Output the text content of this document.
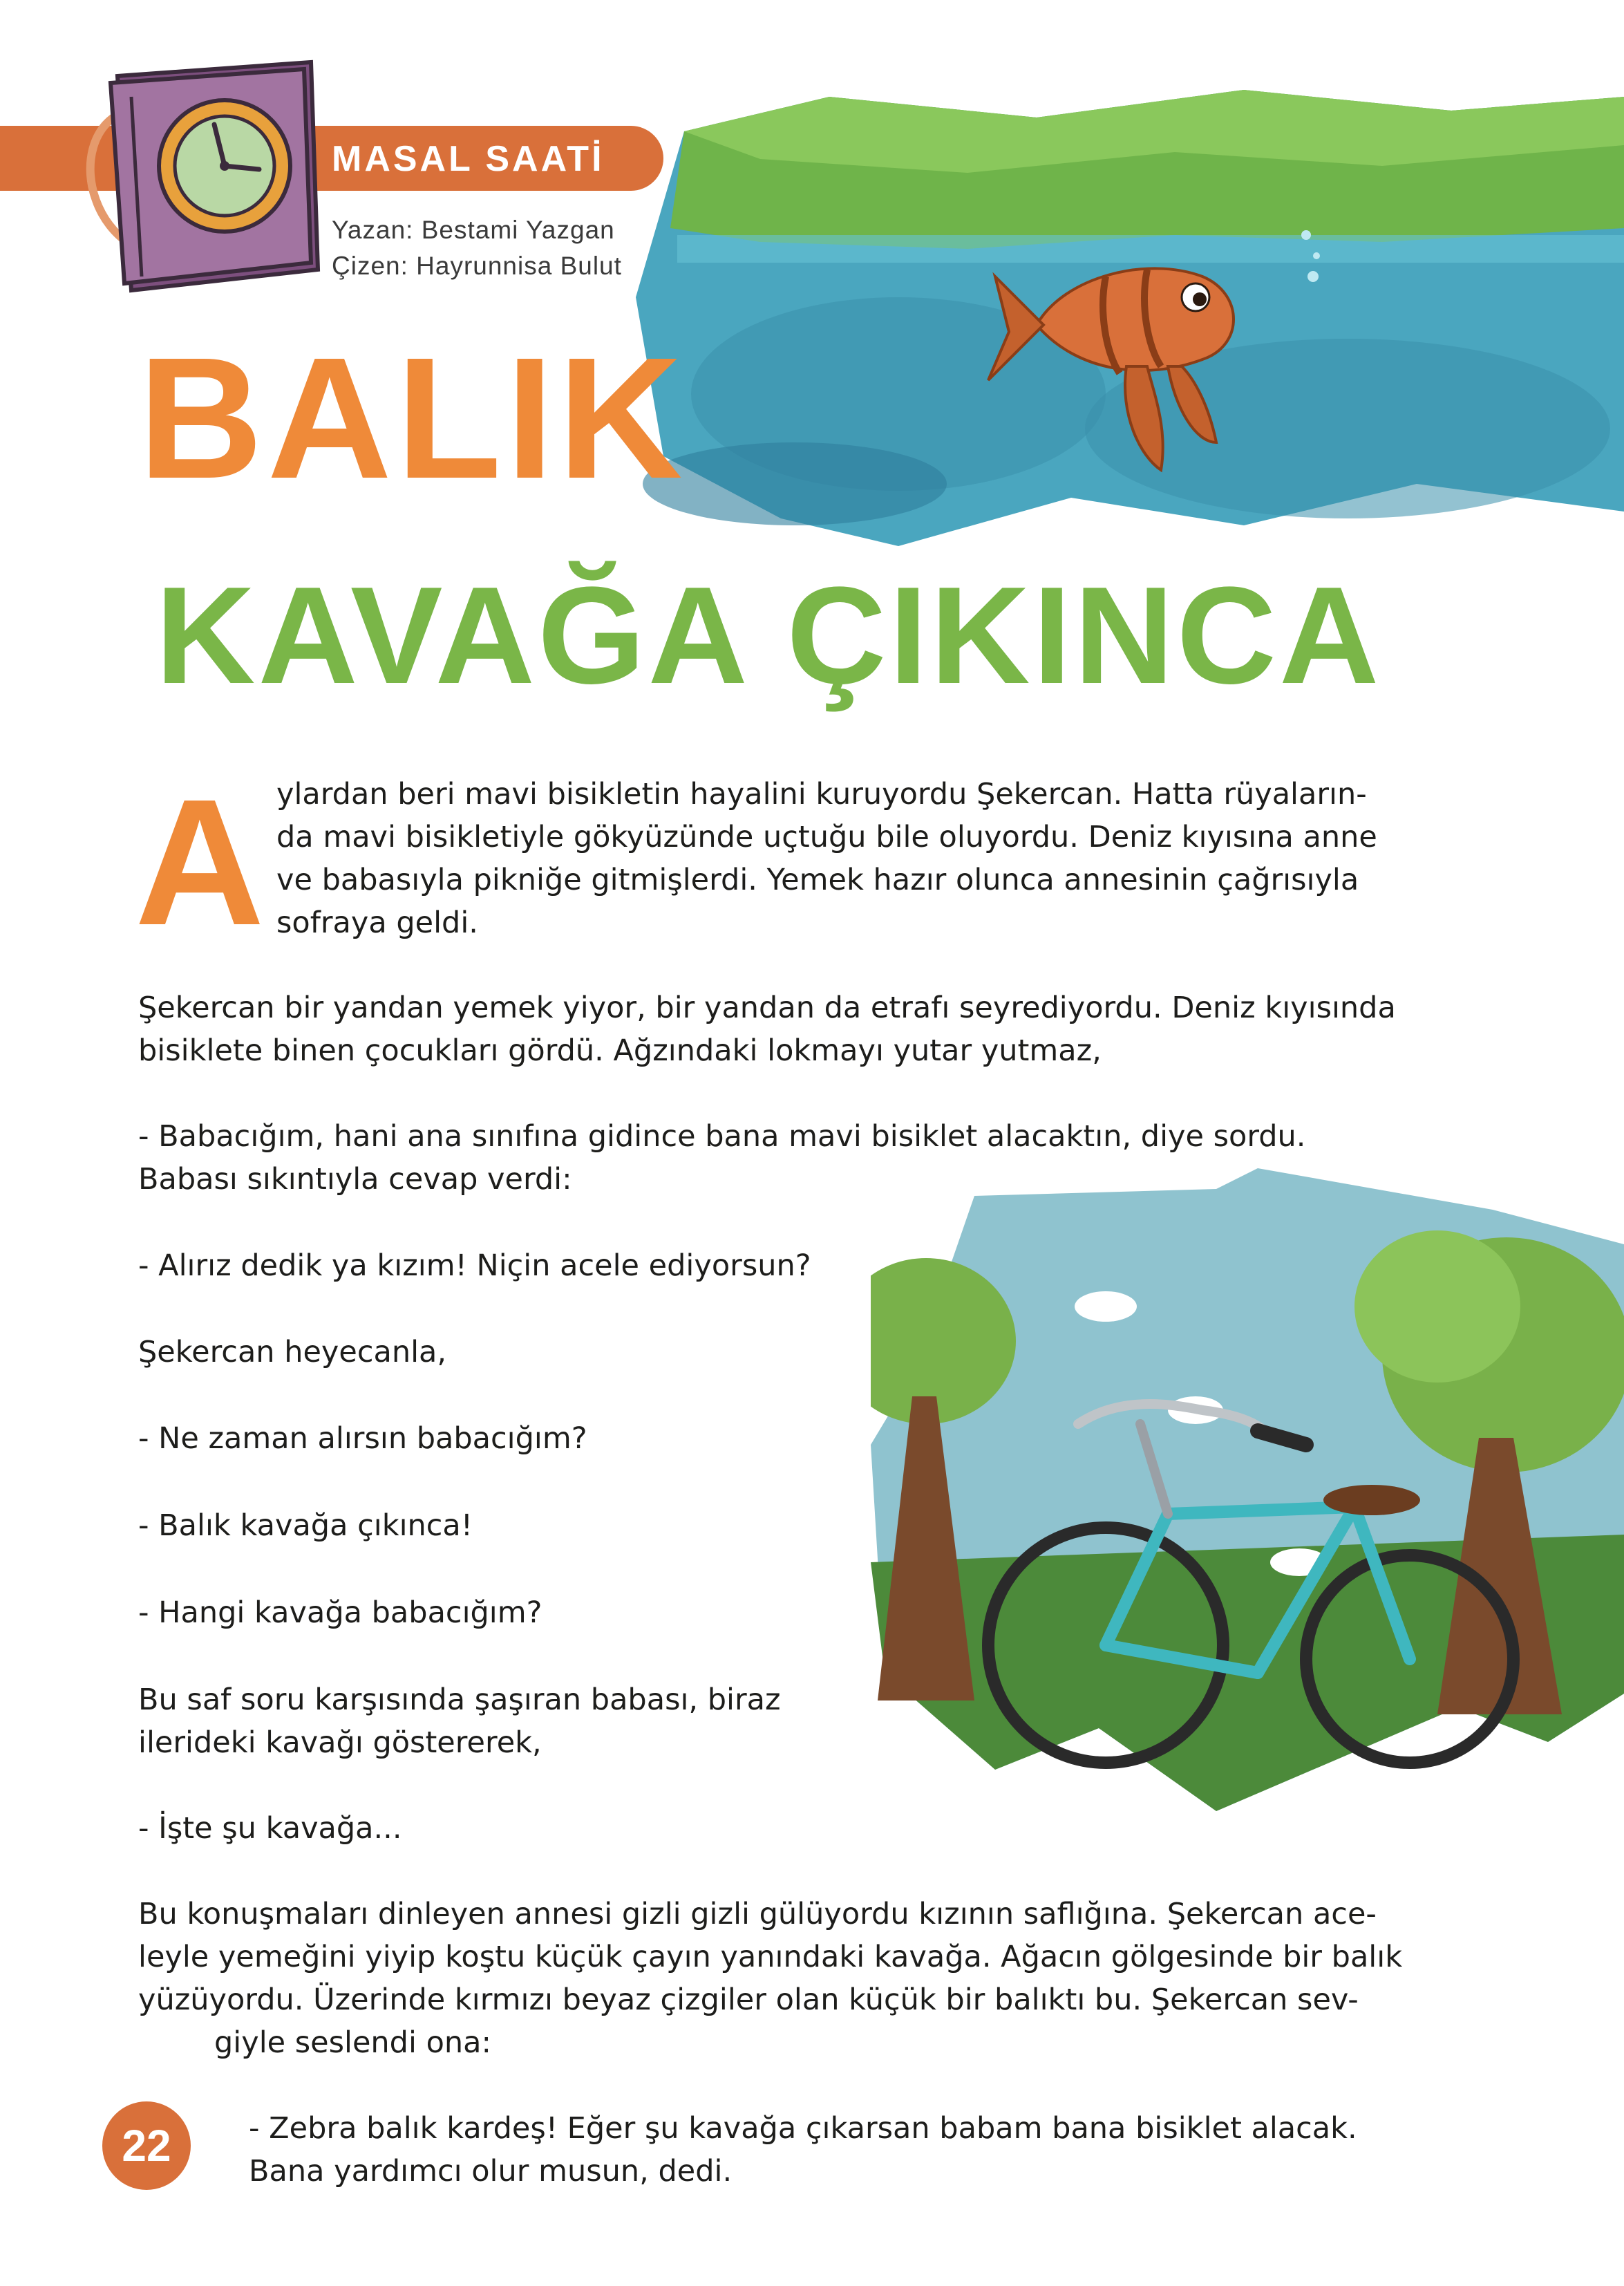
MASAL SAATİ
Yazan: Bestami Yazgan
Çizen: Hayrunnisa Bulut
BALIK
KAVAĞA ÇIKINCA
A ylardan beri mavi bisikletin hayalini kuruyordu Şekercan. Hatta rüyaların-
da mavi bisikletiyle gökyüzünde uçtuğu bile oluyordu. Deniz kıyısına anne
ve babasıyla pikniğe gitmişlerdi. Yemek hazır olunca annesinin çağrısıyla
sofraya geldi.
Şekercan bir yandan yemek yiyor, bir yandan da etrafı seyrediyordu. Deniz kıyısında
bisiklete binen çocukları gördü. Ağzındaki lokmayı yutar yutmaz,
- Babacığım, hani ana sınıfına gidince bana mavi bisiklet alacaktın, diye sordu.
Babası sıkıntıyla cevap verdi:
- Alırız dedik ya kızım! Niçin acele ediyorsun?
Şekercan heyecanla,
- Ne zaman alırsın babacığım?
- Balık kavağa çıkınca!
- Hangi kavağa babacığım?
Bu saf soru karşısında şaşıran babası, biraz
ilerideki kavağı göstererek,
- İşte şu kavağa...
Bu konuşmaları dinleyen annesi gizli gizli gülüyordu kızının saflığına. Şekercan ace-
leyle yemeğini yiyip koştu küçük çayın yanındaki kavağa. Ağacın gölgesinde bir balık
yüzüyordu. Üzerinde kırmızı beyaz çizgiler olan küçük bir balıktı bu. Şekercan sev-
giyle seslendi ona:
22	- Zebra balık kardeş! Eğer şu kavağa çıkarsan babam bana bisiklet alacak.
Bana yardımcı olur musun, dedi.
